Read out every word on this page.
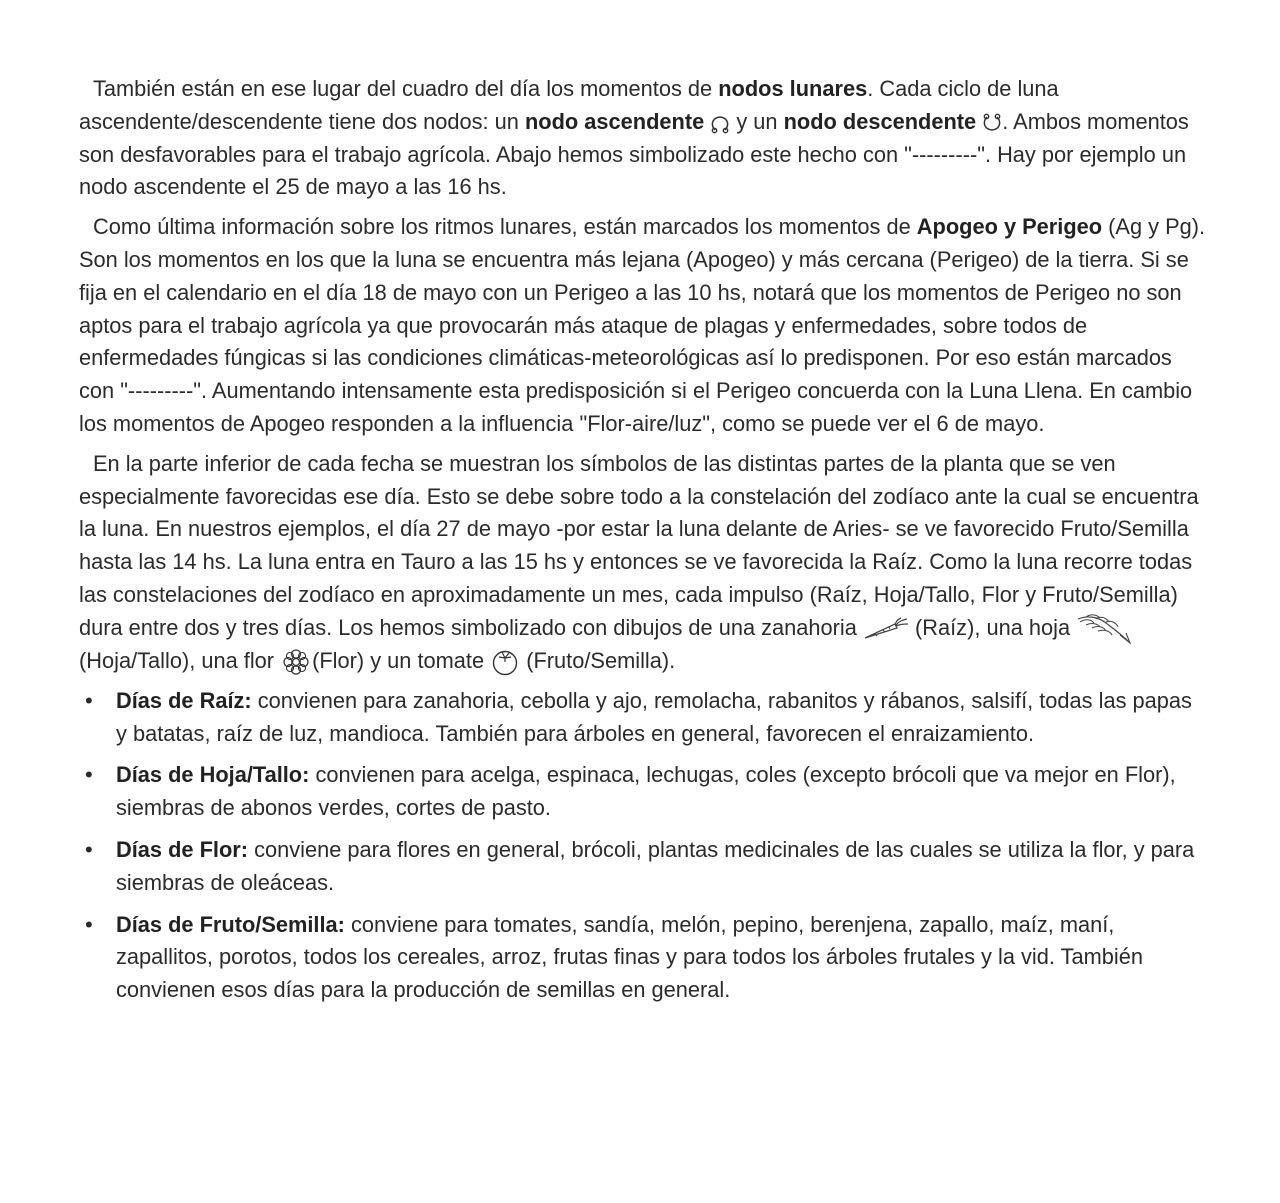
También están en ese lugar del cuadro del día los momentos de nodos lunares. Cada ciclo de luna ascendente/descendente tiene dos nodos: un nodo ascendente
y un nodo descendente . Ambos momentos son desfavorables para el trabajo agrícola. Abajo hemos simbolizado este hecho con "---------". Hay por ejemplo un nodo ascendente el 25 de mayo a las 16 hs.

Como última información sobre los ritmos lunares, están marcados los momentos de Apogeo y Perigeo (Ag y Pg). Son los momentos en los que la luna se encuentra más lejana (Apogeo) y más cercana (Perigeo) de la tierra. Si se fija en el calendario en el día 18 de mayo con un Perigeo a las 10 hs, notará que los momentos de Perigeo no son aptos para el trabajo agrícola ya que provocarán más ataque de plagas y enfermedades, sobre todos de enfermedades fúngicas si las condiciones climáticas-meteorológicas así lo predisponen. Por eso están marcados con "---------". Aumentando intensamente esta predisposición si el Perigeo concuerda con la Luna Llena. En cambio los momentos de Apogeo responden a la influencia "Flor-aire/luz", como se puede ver el 6 de mayo.

En la parte inferior de cada fecha se muestran los símbolos de las distintas partes de la planta que se ven especialmente favorecidas ese día. Esto se debe sobre todo a la constelación del zodíaco ante la cual se encuentra la luna. En nuestros ejemplos, el día 27 de mayo -por estar la luna delante de Aries- se ve favorecido Fruto/Semilla hasta las 14 hs. La luna entra en Tauro a las 15 hs y entonces se ve favorecida la Raíz. Como la luna recorre todas las constelaciones del zodíaco en aproximadamente un mes, cada impulso (Raíz, Hoja/Tallo, Flor y Fruto/Semilla) dura entre dos y tres días. Los hemos simbolizado con dibujos de una zanahoria
(Raíz), una hoja
(Hoja/Tallo), una flor
(Flor) y un tomate
(Fruto/Semilla).

• Días de Raíz: convienen para zanahoria, cebolla y ajo, remolacha, rabanitos y rábanos, salsifí, todas las papas y batatas, raíz de luz, mandioca. También para árboles en general, favorecen el enraizamiento.
• Días de Hoja/Tallo: convienen para acelga, espinaca, lechugas, coles (excepto brócoli que va mejor en Flor), siembras de abonos verdes, cortes de pasto.
• Días de Flor: conviene para flores en general, brócoli, plantas medicinales de las cuales se utiliza la flor, y para siembras de oleáceas.
• Días de Fruto/Semilla: conviene para tomates, sandía, melón, pepino, berenjena, zapallo, maíz, maní, zapallitos, porotos, todos los cereales, arroz, frutas finas y para todos los árboles frutales y la vid. También convienen esos días para la producción de semillas en general.
